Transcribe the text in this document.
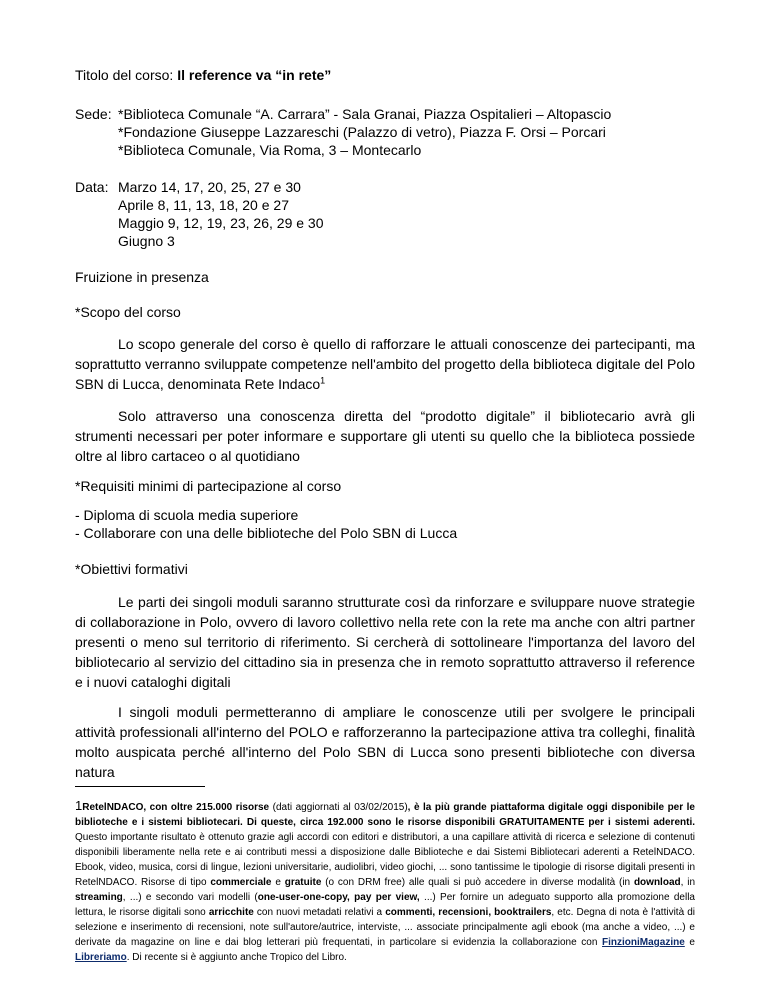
Titolo del corso: Il reference va “in rete”
Sede: *Biblioteca Comunale “A. Carrara” - Sala Granai, Piazza Ospitalieri – Altopascio
*Fondazione Giuseppe Lazzareschi (Palazzo di vetro), Piazza F. Orsi – Porcari
*Biblioteca Comunale, Via Roma, 3 – Montecarlo
Data: Marzo 14, 17, 20, 25, 27 e 30
Aprile 8, 11, 13, 18, 20 e 27
Maggio 9, 12, 19, 23, 26, 29 e 30
Giugno 3
Fruizione in presenza
*Scopo del corso
Lo scopo generale del corso è quello di rafforzare le attuali conoscenze dei partecipanti, ma soprattutto verranno sviluppate competenze nell'ambito del progetto della biblioteca digitale del Polo SBN di Lucca, denominata Rete Indaco$^1$
Solo attraverso una conoscenza diretta del “prodotto digitale” il bibliotecario avrà gli strumenti necessari per poter informare e supportare gli utenti su quello che la biblioteca possiede oltre al libro cartaceo o al quotidiano
*Requisiti minimi di partecipazione al corso
- Diploma di scuola media superiore
- Collaborare con una delle biblioteche del Polo SBN di Lucca
*Obiettivi formativi
Le parti dei singoli moduli saranno strutturate così da rinforzare e sviluppare nuove strategie di collaborazione in Polo, ovvero di lavoro collettivo nella rete con la rete ma anche con altri partner presenti o meno sul territorio di riferimento. Si cercherà di sottolineare l'importanza del lavoro del bibliotecario al servizio del cittadino sia in presenza che in remoto soprattutto attraverso il reference e i nuovi cataloghi digitali
I singoli moduli permetteranno di ampliare le conoscenze utili per svolgere le principali attività professionali all'interno del POLO e rafforzeranno la partecipazione attiva tra colleghi, finalità molto auspicata perché all'interno del Polo SBN di Lucca sono presenti biblioteche con diversa natura
1RetelNDACO, con oltre 215.000 risorse (dati aggiornati al 03/02/2015), è la più grande piattaforma digitale oggi disponibile per le biblioteche e i sistemi bibliotecari. Di queste, circa 192.000 sono le risorse disponibili GRATUITAMENTE per i sistemi aderenti. Questo importante risultato è ottenuto grazie agli accordi con editori e distributori, a una capillare attività di ricerca e selezione di contenuti disponibili liberamente nella rete e ai contributi messi a disposizione dalle Biblioteche e dai Sistemi Bibliotecari aderenti a RetelNDACO. Ebook, video, musica, corsi di lingue, lezioni universitarie, audiolibri, video giochi, ... sono tantissime le tipologie di risorse digitali presenti in RetelNDACO. Risorse di tipo commerciale e gratuite (o con DRM free) alle quali si può accedere in diverse modalità (in download, in streaming, ...) e secondo vari modelli (one-user-one-copy, pay per view, ...) Per fornire un adeguato supporto alla promozione della lettura, le risorse digitali sono arricchite con nuovi metadati relativi a commenti, recensioni, booktrailers, etc. Degna di nota è l'attività di selezione e inserimento di recensioni, note sull'autore/autrice, interviste, ... associate principalmente agli ebook (ma anche a video, ...) e derivate da magazine on line e dai blog letterari più frequentati, in particolare si evidenzia la collaborazione con FinzioniMagazine e Libreriamo. Di recente si è aggiunto anche Tropico del Libro.
